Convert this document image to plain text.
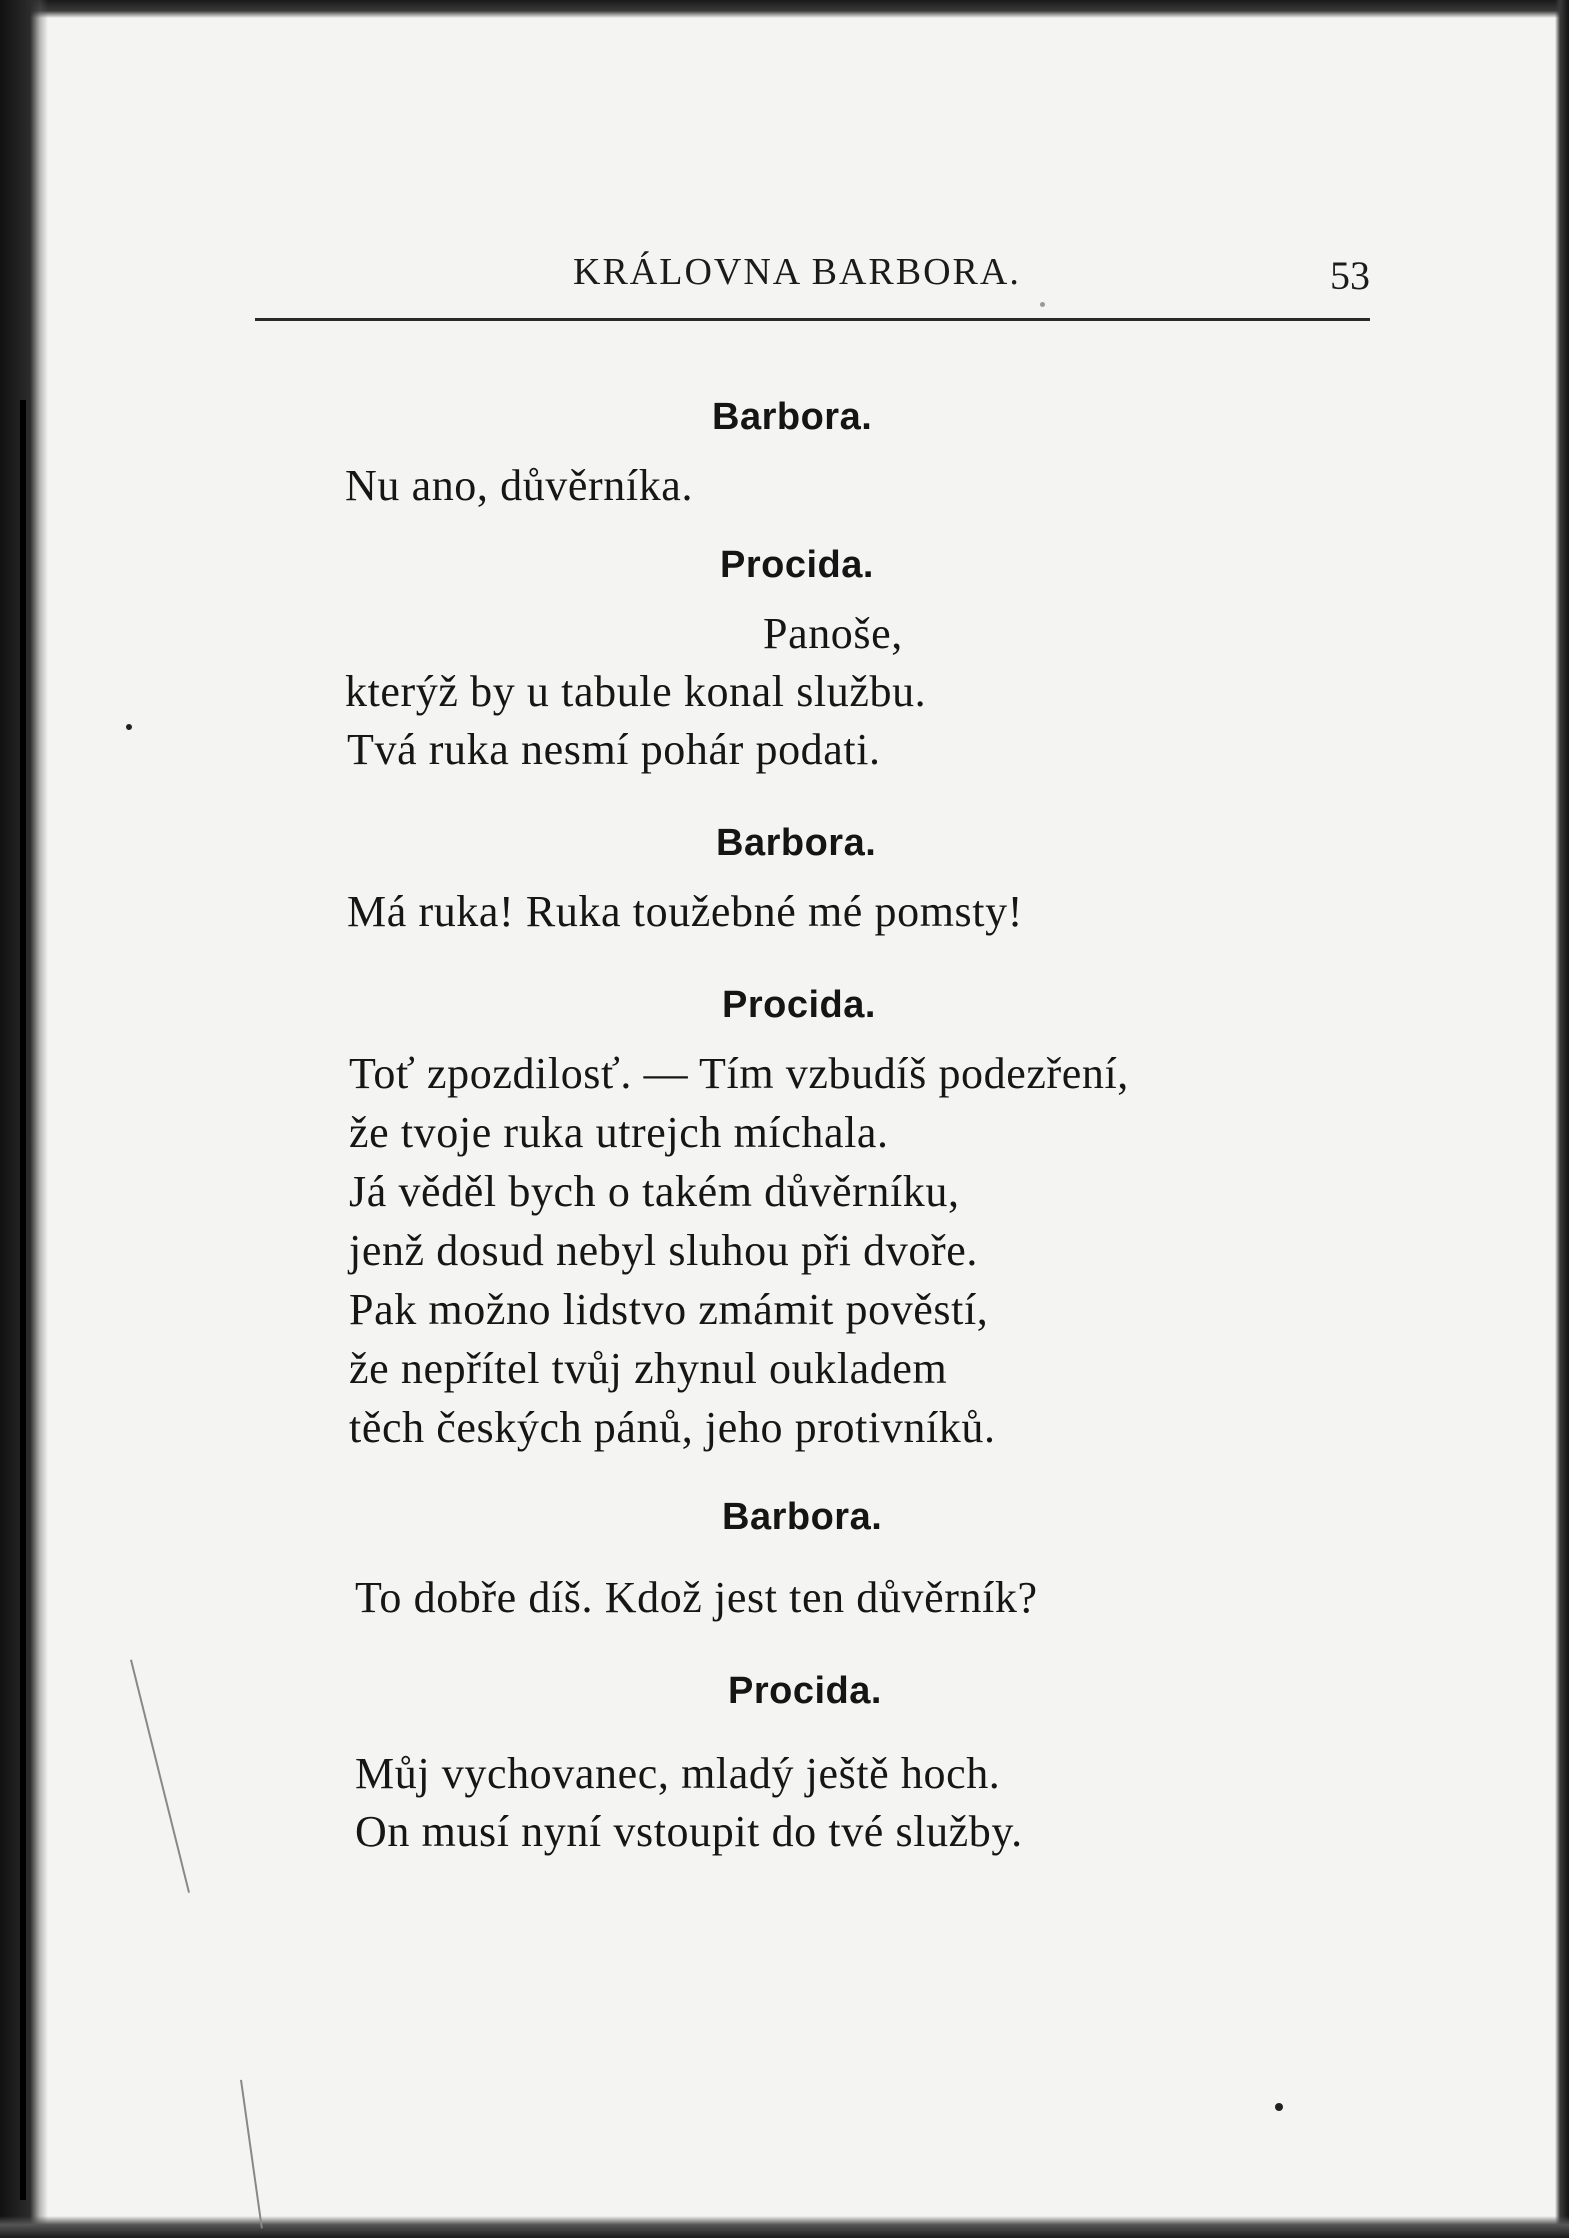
KRÁLOVNA BARBORA.	53
Barbora.
Nu ano, důvěrníka.
Procida.
Panoše,
kterýž by u tabule konal službu.
Tvá ruka nesmí pohár podati.
Barbora.
Má ruka! Ruka toužebné mé pomsty!
Procida.
Toť zpozdilosť. — Tím vzbudíš podezření,
že tvoje ruka utrejch míchala.
Já věděl bych o takém důvěrníku,
jenž dosud nebyl sluhou při dvoře.
Pak možno lidstvo zmámit pověstí,
že nepřítel tvůj zhynul oukladem
těch českých pánů, jeho protivníků.
Barbora.
To dobře díš. Kdož jest ten důvěrník?
Procida.
Můj vychovanec, mladý ještě hoch.
On musí nyní vstoupit do tvé služby.
